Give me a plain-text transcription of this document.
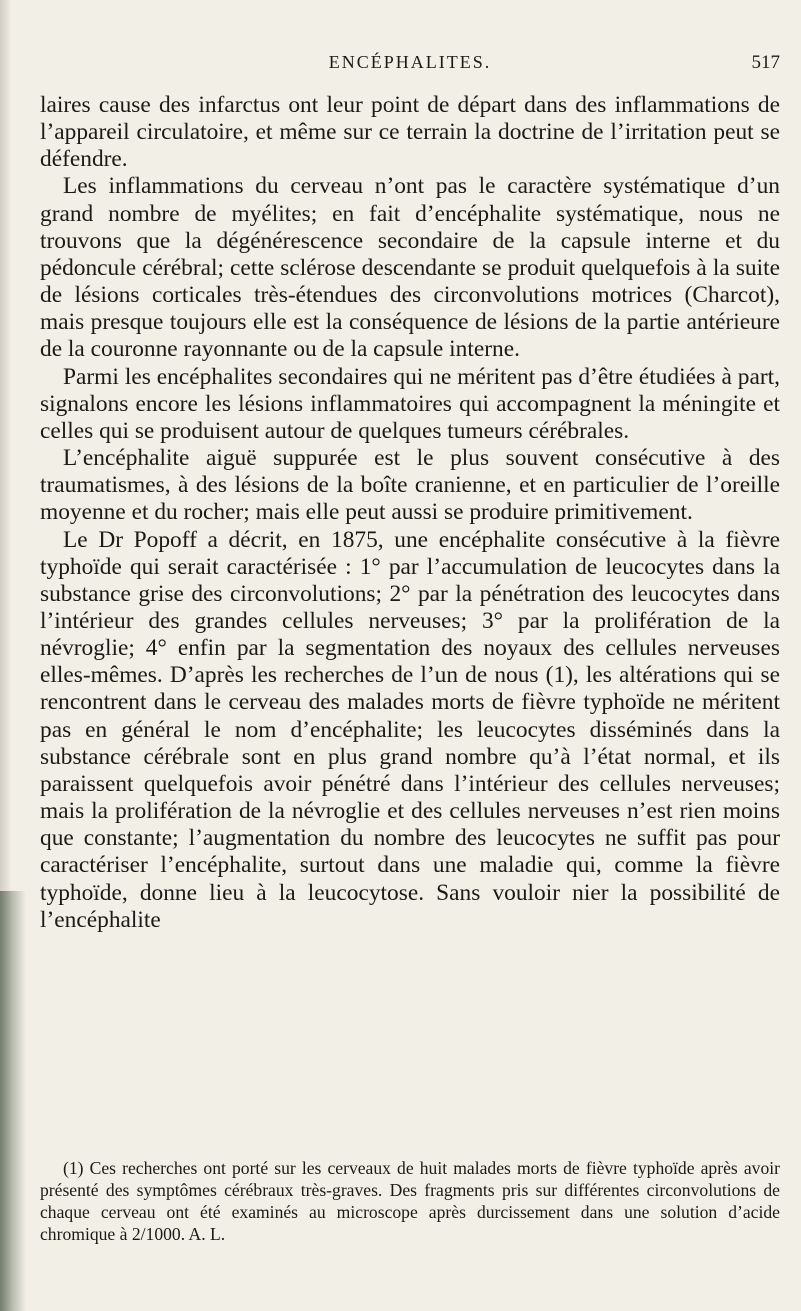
ENCÉPHALITES.	517

laires cause des infarctus ont leur point de départ dans des inflammations de l’appareil circulatoire, et même sur ce terrain la doctrine de l’irritation peut se défendre.

Les inflammations du cerveau n’ont pas le caractère systématique d’un grand nombre de myélites; en fait d’encéphalite systématique, nous ne trouvons que la dégénérescence secondaire de la capsule interne et du pédoncule cérébral; cette sclérose descendante se produit quelquefois à la suite de lésions corticales très-étendues des circonvolutions motrices (Charcot), mais presque toujours elle est la conséquence de lésions de la partie antérieure de la couronne rayonnante ou de la capsule interne.

Parmi les encéphalites secondaires qui ne méritent pas d’être étudiées à part, signalons encore les lésions inflammatoires qui accompagnent la méningite et celles qui se produisent autour de quelques tumeurs cérébrales.

L’encéphalite aiguë suppurée est le plus souvent consécutive à des traumatismes, à des lésions de la boîte cranienne, et en particulier de l’oreille moyenne et du rocher; mais elle peut aussi se produire primitivement.

Le Dr Popoff a décrit, en 1875, une encéphalite consécutive à la fièvre typhoïde qui serait caractérisée : 1° par l’accumulation de leucocytes dans la substance grise des circonvolutions; 2° par la pénétration des leucocytes dans l’intérieur des grandes cellules nerveuses; 3° par la prolifération de la névroglie; 4° enfin par la segmentation des noyaux des cellules nerveuses elles-mêmes. D’après les recherches de l’un de nous (1), les altérations qui se rencontrent dans le cerveau des malades morts de fièvre typhoïde ne méritent pas en général le nom d’encéphalite; les leucocytes disséminés dans la substance cérébrale sont en plus grand nombre qu’à l’état normal, et ils paraissent quelquefois avoir pénétré dans l’intérieur des cellules nerveuses; mais la prolifération de la névroglie et des cellules nerveuses n’est rien moins que constante; l’augmentation du nombre des leucocytes ne suffit pas pour caractériser l’encéphalite, surtout dans une maladie qui, comme la fièvre typhoïde, donne lieu à la leucocytose. Sans vouloir nier la possibilité de l’encéphalite

(1) Ces recherches ont porté sur les cerveaux de huit malades morts de fièvre typhoïde après avoir présenté des symptômes cérébraux très-graves. Des fragments pris sur différentes circonvolutions de chaque cerveau ont été examinés au microscope après durcissement dans une solution d’acide chromique à 2/1000. A. L.
